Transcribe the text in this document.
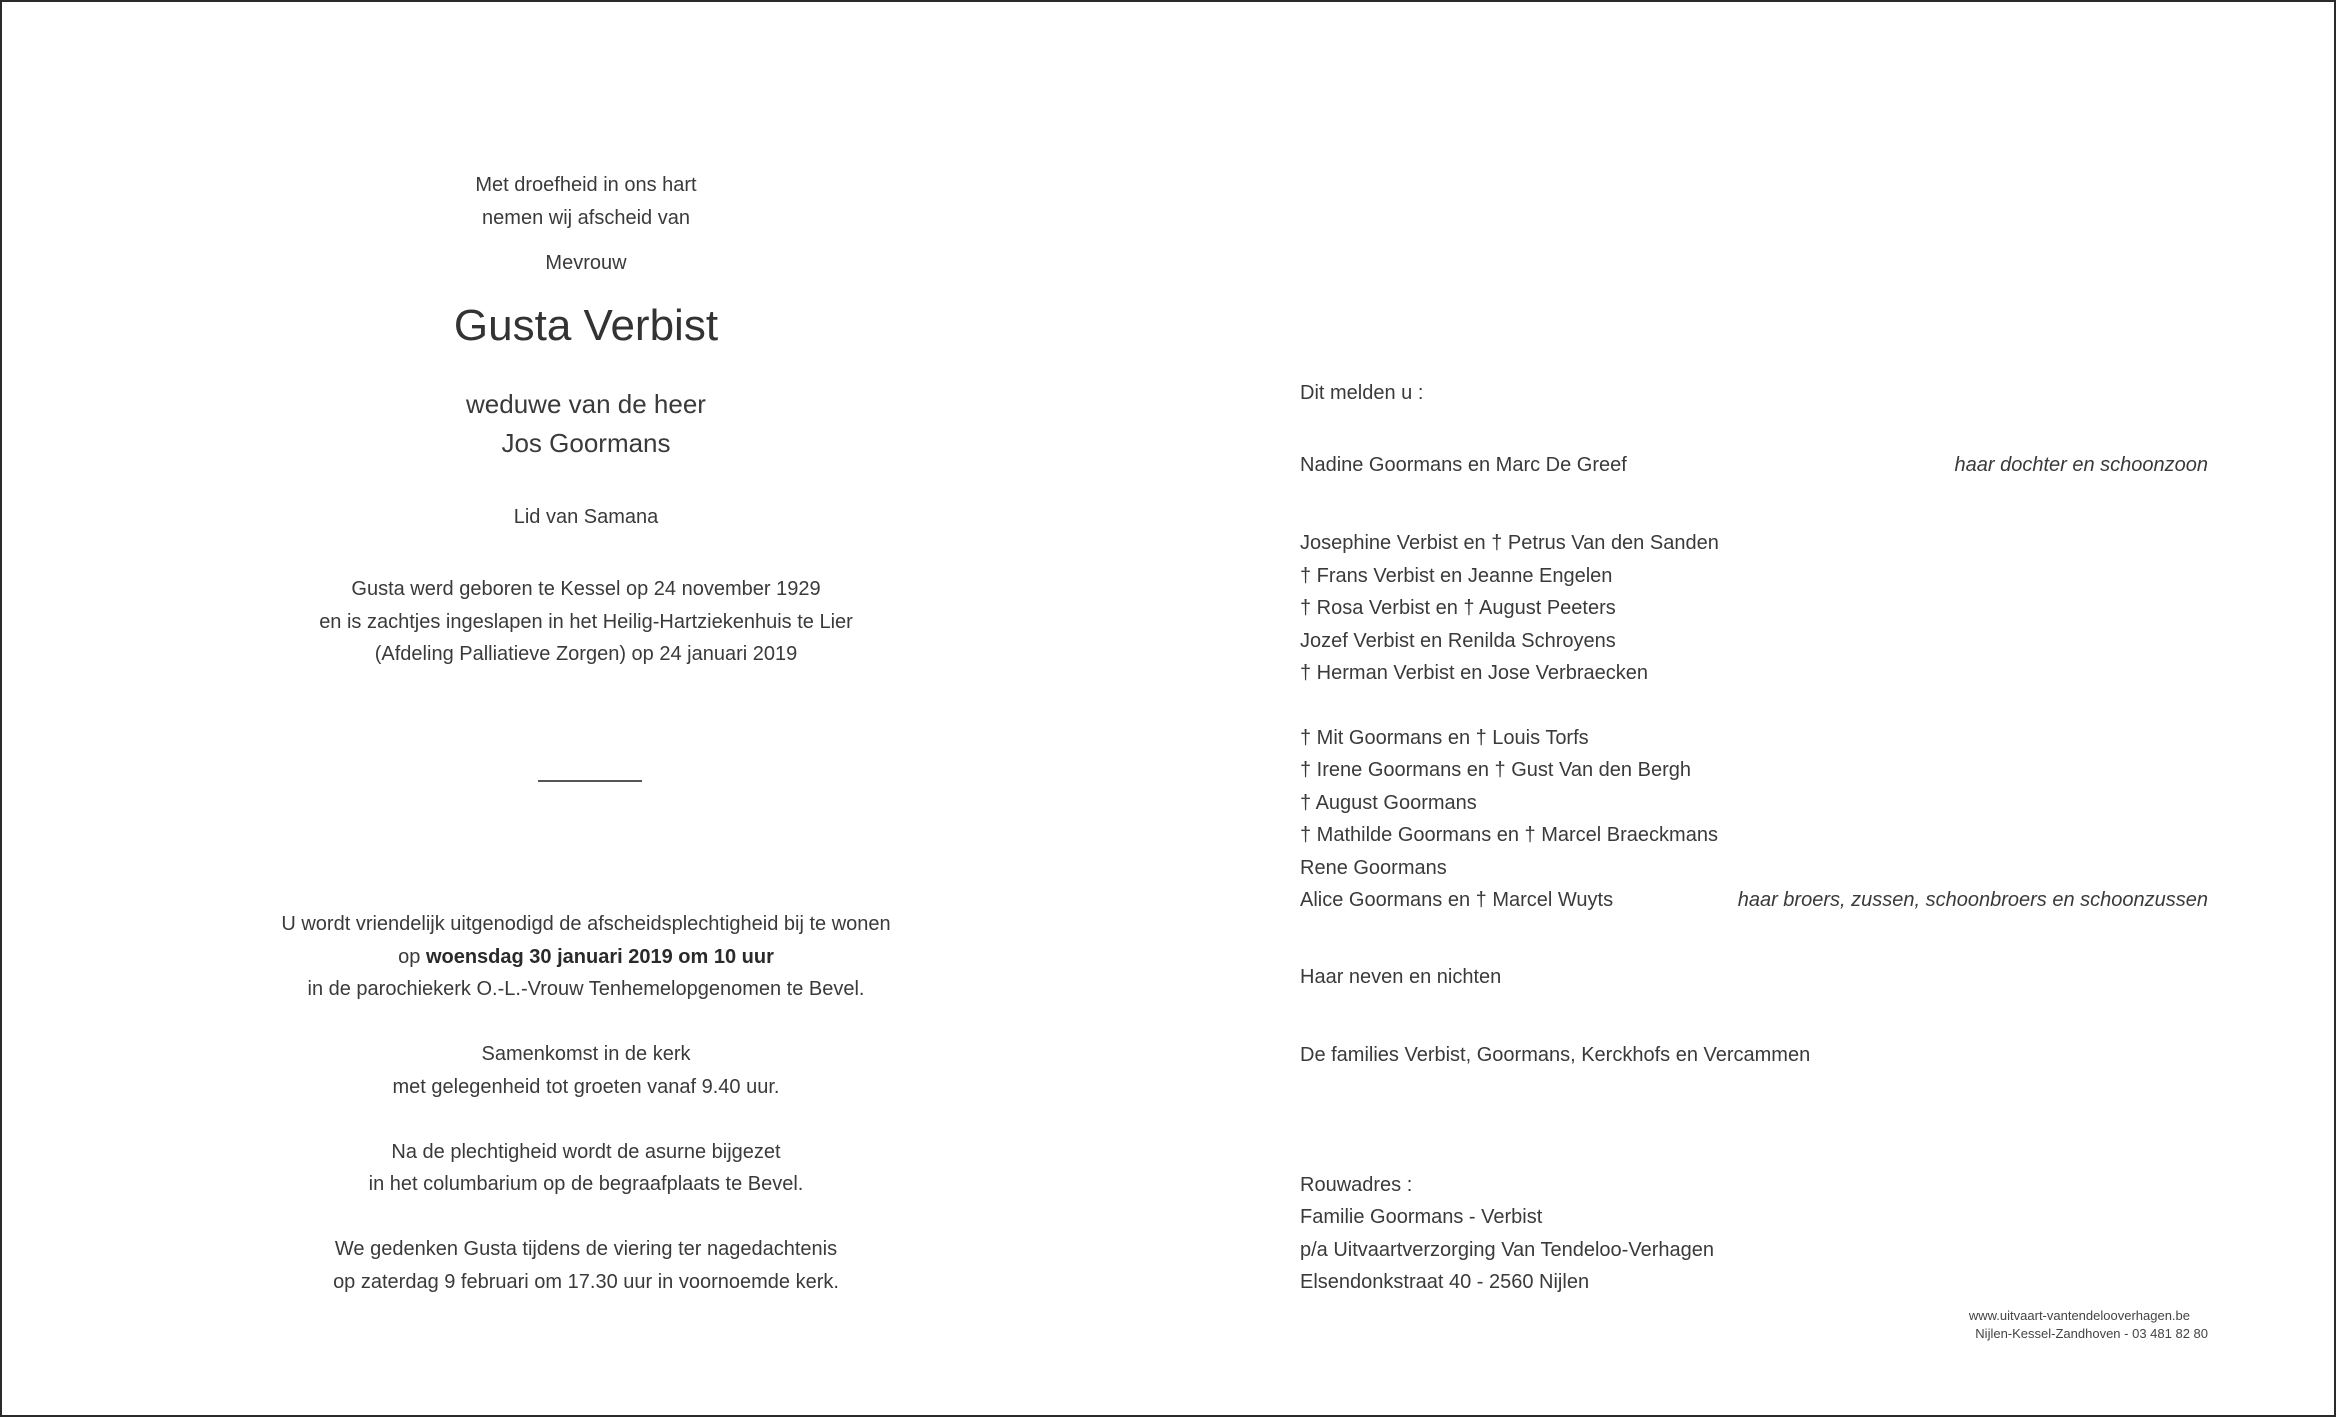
Met droefheid in ons hart
nemen wij afscheid van
Mevrouw
Gusta Verbist
weduwe van de heer
Jos Goormans
Lid van Samana
Gusta werd geboren te Kessel op 24 november 1929
en is zachtjes ingeslapen in het Heilig-Hartziekenhuis te Lier
(Afdeling Palliatieve Zorgen) op 24 januari 2019
U wordt vriendelijk uitgenodigd de afscheidsplechtigheid bij te wonen
op woensdag 30 januari 2019 om 10 uur
in de parochiekerk O.-L.-Vrouw Tenhemelopgenomen te Bevel.
Samenkomst in de kerk
met gelegenheid tot groeten vanaf 9.40 uur.
Na de plechtigheid wordt de asurne bijgezet
in het columbarium op de begraafplaats te Bevel.
We gedenken Gusta tijdens de viering ter nagedachtenis
op zaterdag 9 februari om 17.30 uur in voornoemde kerk.
Dit melden u :
Nadine Goormans en Marc De Greef	haar dochter en schoonzoon
Josephine Verbist en † Petrus Van den Sanden
† Frans Verbist en Jeanne Engelen
† Rosa Verbist en † August Peeters
Jozef Verbist en Renilda Schroyens
† Herman Verbist en Jose Verbraecken
† Mit Goormans en † Louis Torfs
† Irene Goormans en † Gust Van den Bergh
† August Goormans
† Mathilde Goormans en † Marcel Braeckmans
Rene Goormans
Alice Goormans en † Marcel Wuyts	haar broers, zussen, schoonbroers en schoonzussen
Haar neven en nichten
De families Verbist, Goormans, Kerckhofs en Vercammen
Rouwadres :
Familie Goormans - Verbist
p/a Uitvaartverzorging Van Tendeloo-Verhagen
Elsendonkstraat 40 - 2560 Nijlen
www.uitvaart-vantendelooverhagen.be
Nijlen-Kessel-Zandhoven - 03 481 82 80
